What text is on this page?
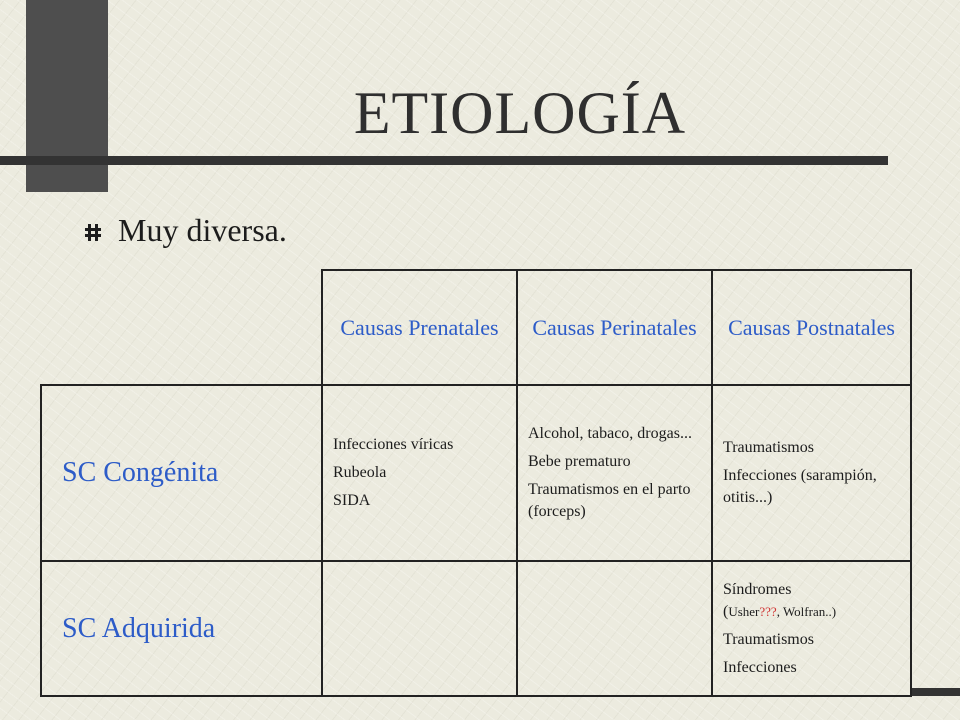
ETIOLOGÍA
Muy diversa.
Causas Prenatales Causas Perinatales Causas Postnatales
SC Congénita
Infecciones víricas
Rubeola
SIDA
Alcohol, tabaco, drogas...
Bebe prematuro
Traumatismos en el parto (forceps)
Traumatismos
Infecciones (sarampión, otitis...)
SC Adquirida
Síndromes
(Usher???, Wolfran..)
Traumatismos
Infecciones
